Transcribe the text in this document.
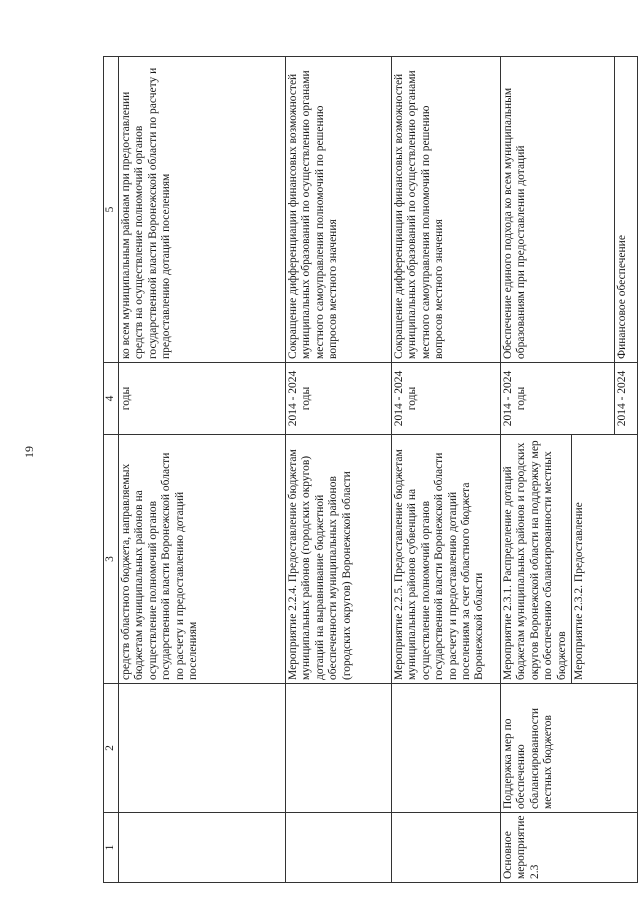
19
1	2	3	4	5
		средств областного бюджета, направляемых бюджетам муниципальных районов на осуществление полномочий органов государственной власти Воронежской области по расчету и предоставлению дотаций поселениям	годы	ко всем муниципальным районам при предоставлении средств на осуществление полномочий органов государственной власти Воронежской области по расчету и предоставлению дотаций поселениям
		Мероприятие 2.2.4. Предоставление бюджетам муниципальных районов (городских округов) дотаций на выравнивание бюджетной обеспеченности муниципальных районов (городских округов) Воронежской области	2014 - 2024 годы	Сокращение дифференциации финансовых возможностей муниципальных образований по осуществлению органами местного самоуправления полномочий по решению вопросов местного значения
		Мероприятие 2.2.5. Предоставление бюджетам муниципальных районов субвенций на осуществление полномочий органов государственной власти Воронежской области по расчету и предоставлению дотаций поселениям за счет областного бюджета Воронежской области	2014 - 2024 годы	Сокращение дифференциации финансовых возможностей муниципальных образований по осуществлению органами местного самоуправления полномочий по решению вопросов местного значения
Основное мероприятие 2.3	Поддержка мер по обеспечению сбалансированности местных бюджетов	Мероприятие 2.3.1. Распределение дотаций бюджетам муниципальных районов и городских округов Воронежской области на поддержку мер по обеспечению сбалансированности местных бюджетов Мероприятие 2.3.2. Предоставление	2014 - 2024 годы	Обеспечение единого подхода ко всем муниципальным образованиям при предоставлении дотаций
			2014 - 2024	Финансовое обеспечение
